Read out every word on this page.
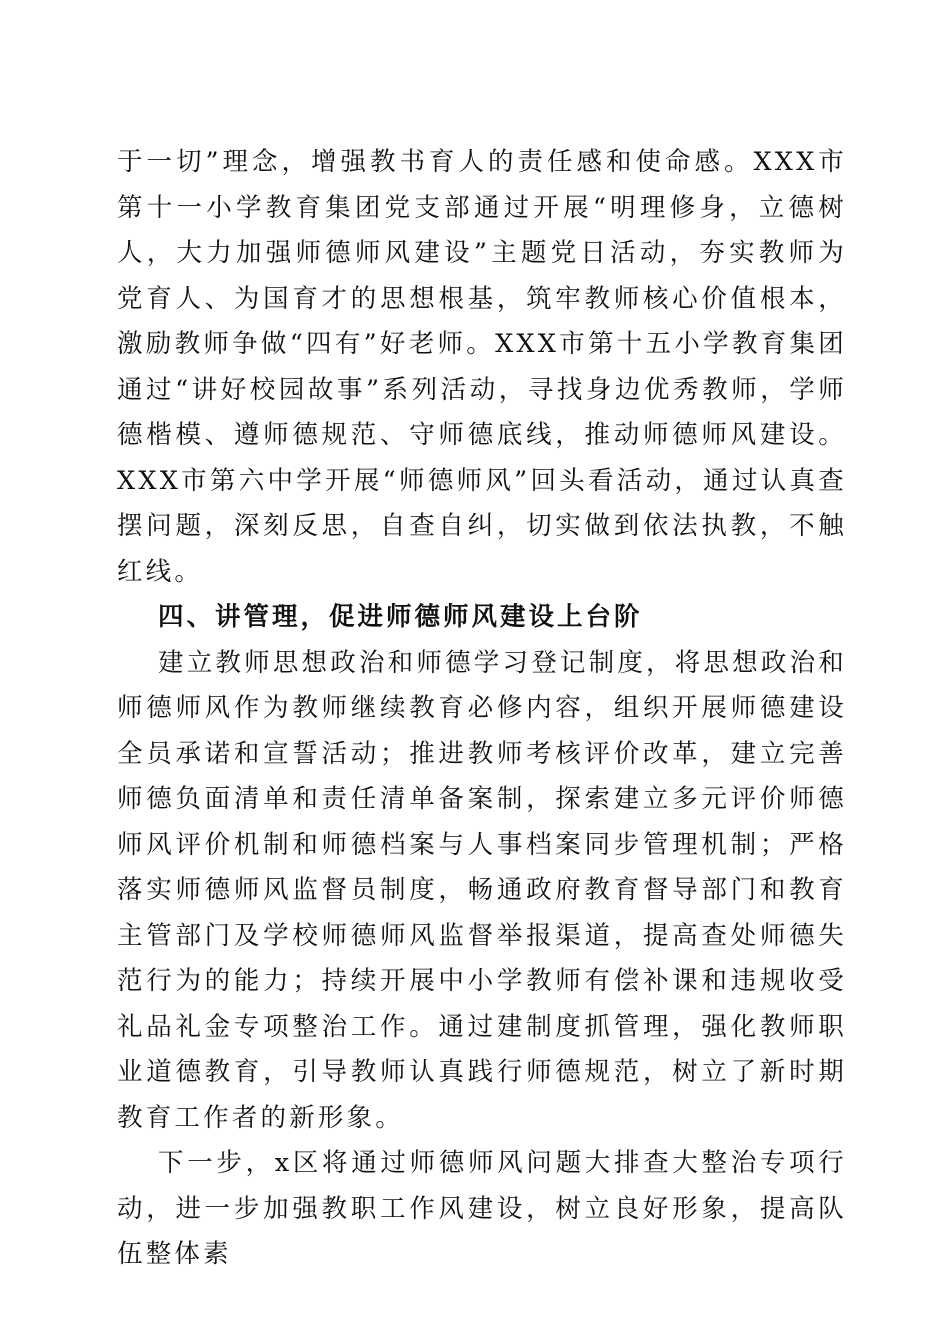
于一切”理念，增强教书育人的责任感和使命感。XXX市第十一小学教育集团党支部通过开展“明理修身，立德树人，大力加强师德师风建设”主题党日活动，夯实教师为党育人、为国育才的思想根基，筑牢教师核心价值根本，激励教师争做“四有”好老师。XXX市第十五小学教育集团通过“讲好校园故事”系列活动，寻找身边优秀教师，学师德楷模、遵师德规范、守师德底线，推动师德师风建设。XXX市第六中学开展“师德师风”回头看活动，通过认真查摆问题，深刻反思，自查自纠，切实做到依法执教，不触红线。

四、讲管理，促进师德师风建设上台阶

建立教师思想政治和师德学习登记制度，将思想政治和师德师风作为教师继续教育必修内容，组织开展师德建设全员承诺和宣誓活动；推进教师考核评价改革，建立完善师德负面清单和责任清单备案制，探索建立多元评价师德师风评价机制和师德档案与人事档案同步管理机制；严格落实师德师风监督员制度，畅通政府教育督导部门和教育主管部门及学校师德师风监督举报渠道，提高查处师德失范行为的能力；持续开展中小学教师有偿补课和违规收受礼品礼金专项整治工作。通过建制度抓管理，强化教师职业道德教育，引导教师认真践行师德规范，树立了新时期教育工作者的新形象。

下一步，x区将通过师德师风问题大排查大整治专项行动，进一步加强教职工作风建设，树立良好形象，提高队伍整体素
